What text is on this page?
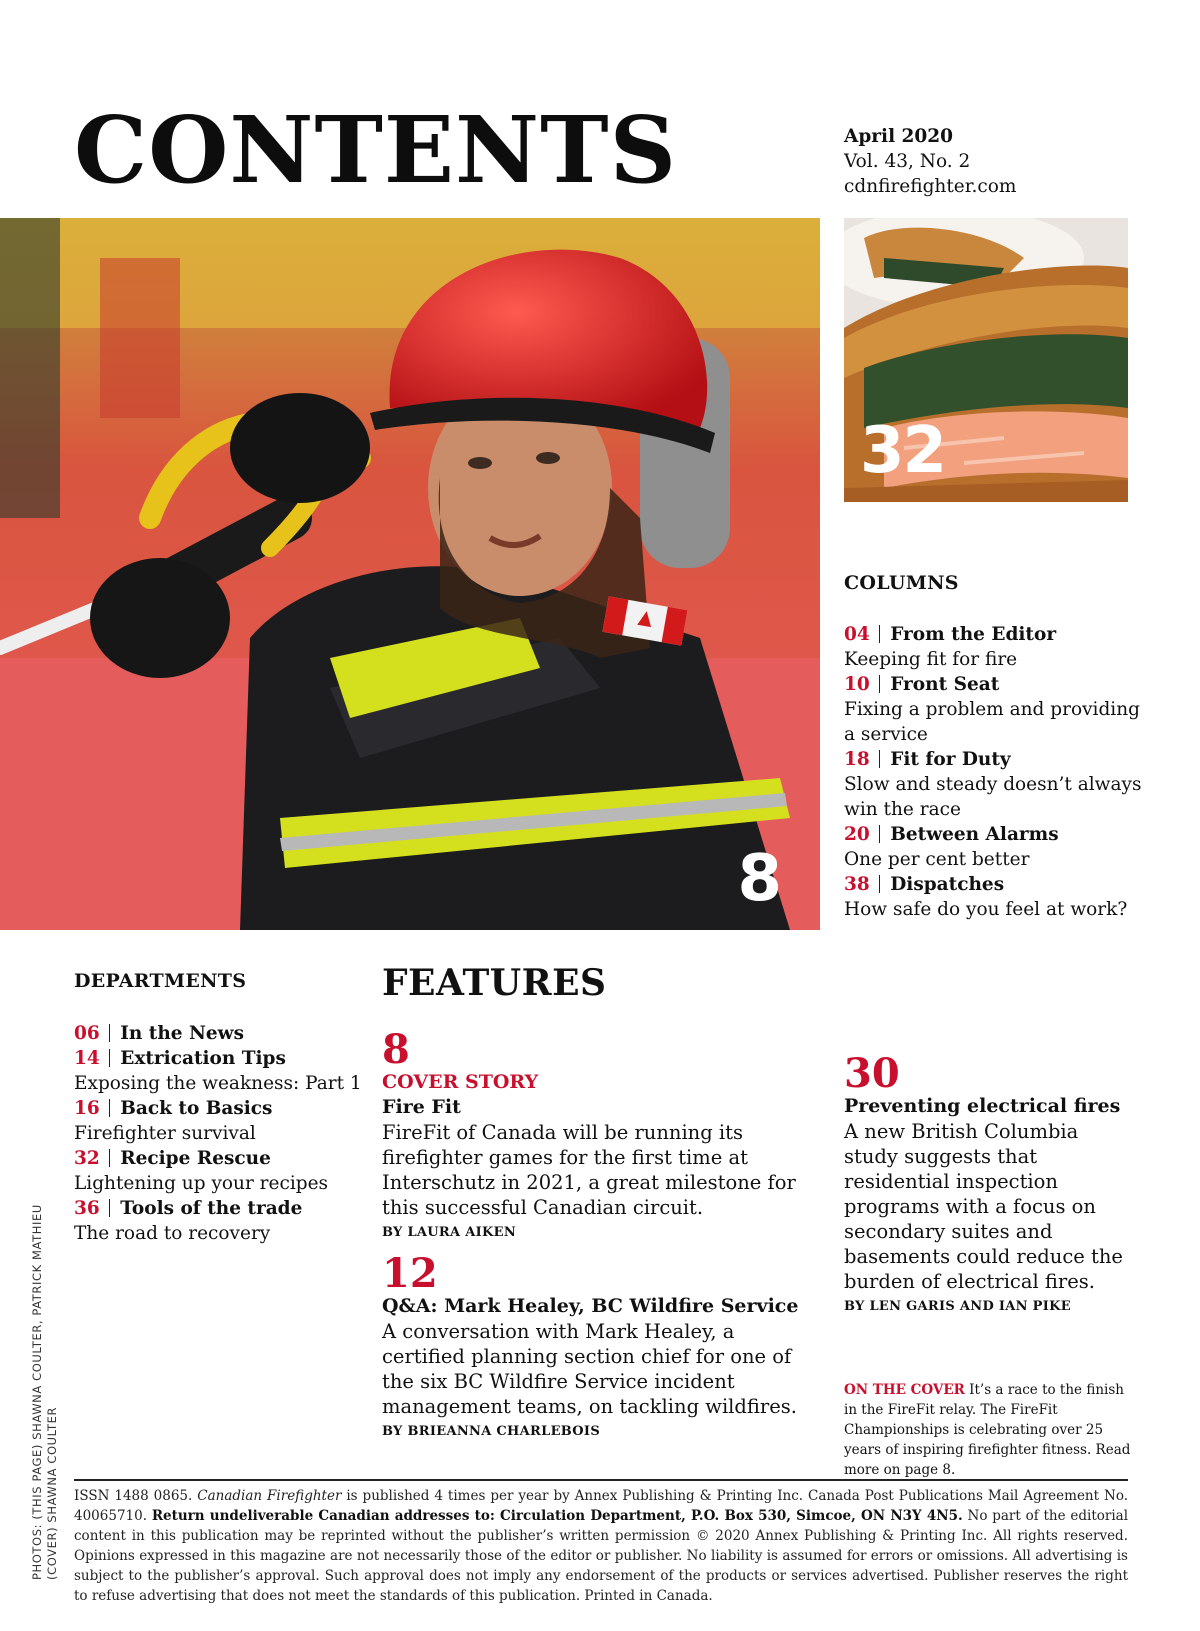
CONTENTS	April 2020
Vol. 43, No. 2
cdnfirefighter.com
8
32
COLUMNS
04 From the Editor
Keeping fit for fire
10 Front Seat
Fixing a problem and providing a service
18 Fit for Duty
Slow and steady doesn’t always win the race
20 Between Alarms
One per cent better
38 Dispatches
How safe do you feel at work?
DEPARTMENTS
06 In the News
14 Extrication Tips
Exposing the weakness: Part 1
16 Back to Basics
Firefighter survival
32 Recipe Rescue
Lightening up your recipes
36 Tools of the trade
The road to recovery
FEATURES
8
COVER STORY
Fire Fit
FireFit of Canada will be running its firefighter games for the first time at Interschutz in 2021, a great milestone for this successful Canadian circuit.
BY LAURA AIKEN
12
Q&A: Mark Healey, BC Wildfire Service
A conversation with Mark Healey, a certified planning section chief for one of the six BC Wildfire Service incident management teams, on tackling wildfires.
BY BRIEANNA CHARLEBOIS
30
Preventing electrical fires
A new British Columbia study suggests that residential inspection programs with a focus on secondary suites and basements could reduce the burden of electrical fires.
BY LEN GARIS AND IAN PIKE
ON THE COVER It’s a race to the finish in the FireFit relay. The FireFit Championships is celebrating over 25 years of inspiring firefighter fitness. Read more on page 8.
PHOTOS: (THIS PAGE) SHAWNA COULTER, PATRICK MATHIEU (COVER) SHAWNA COULTER ISSN 1488 0865. Canadian Firefighter is published 4 times per year by Annex Publishing & Printing Inc. Canada Post Publications Mail Agreement No. 40065710. Return undeliverable Canadian addresses to: Circulation Department, P.O. Box 530, Simcoe, ON N3Y 4N5. No part of the editorial content in this publication may be reprinted without the publisher’s written permission © 2020 Annex Publishing & Printing Inc. All rights reserved. Opinions expressed in this magazine are not necessarily those of the editor or publisher. No liability is assumed for errors or omissions. All advertising is subject to the publisher’s approval. Such approval does not imply any endorsement of the products or services advertised. Publisher reserves the right to refuse advertising that does not meet the standards of this publication. Printed in Canada.
